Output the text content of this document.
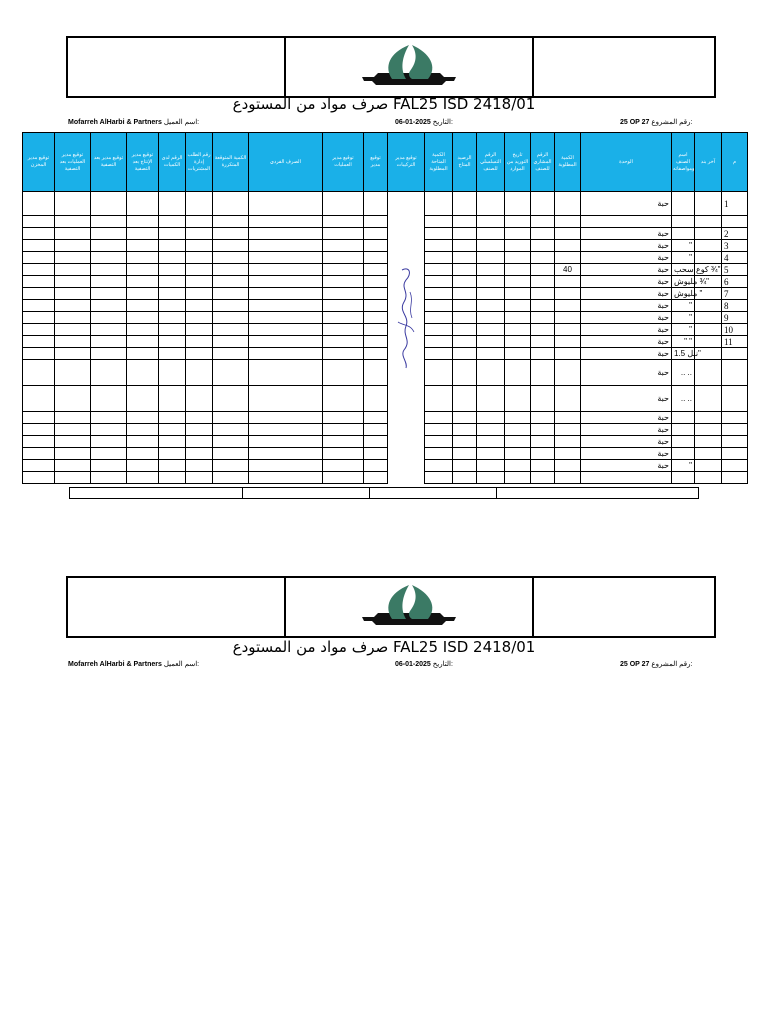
صرف مواد من المستودع FAL25 ISD 2418/01
Mofarreh AlHarbi & Partners اسم العميل:	06-01-2025 التاريخ:	25 OP 27 رقم المشروع:
توقيع مدير المخزن	توقيع مدير العمليات بعد التصفية	توقيع مدير بعد التصفية	توقيع مدير الإنتاج بعد التصفية	الرقم لدى الكميات	رقم الطلب إدارة المشتريات	الكمية المتوقعة المتكررة	الصرف الفردي	توقيع مدير العمليات	توقيع مدير	توقيع مدير التركيبات	الكمية المتاحة المطلوبة	الرصيد المتاح	الرقم التسلسلي للصنف	تاريخ التوريد من الموارد	الرقم المشاري للصنف	الكمية المطلوبة	الوحدة	اسم الصنف ومواصفاته	آخر بند	م
																	حبة			1

																	حبة			2
																	حبة	"		3
																	حبة	"		4
																40	حبة	كوع سحب ¾"		5
																	حبة	مليوش ¾"		6
																	حبة	مليوش "		7
																	حبة	"		8
																	حبة	"		9
																	حبة	"		10
																	حبة	" "		11
																	حبة	نبل 1.5"		
																	حبة	.. ..		
																	حبة	.. ..		
																	حبة			
																	حبة			
																	حبة			
																	حبة			
																	حبة	"		

صرف مواد من المستودع FAL25 ISD 2418/01
Mofarreh AlHarbi & Partners اسم العميل:	06-01-2025 التاريخ:	25 OP 27 رقم المشروع:
